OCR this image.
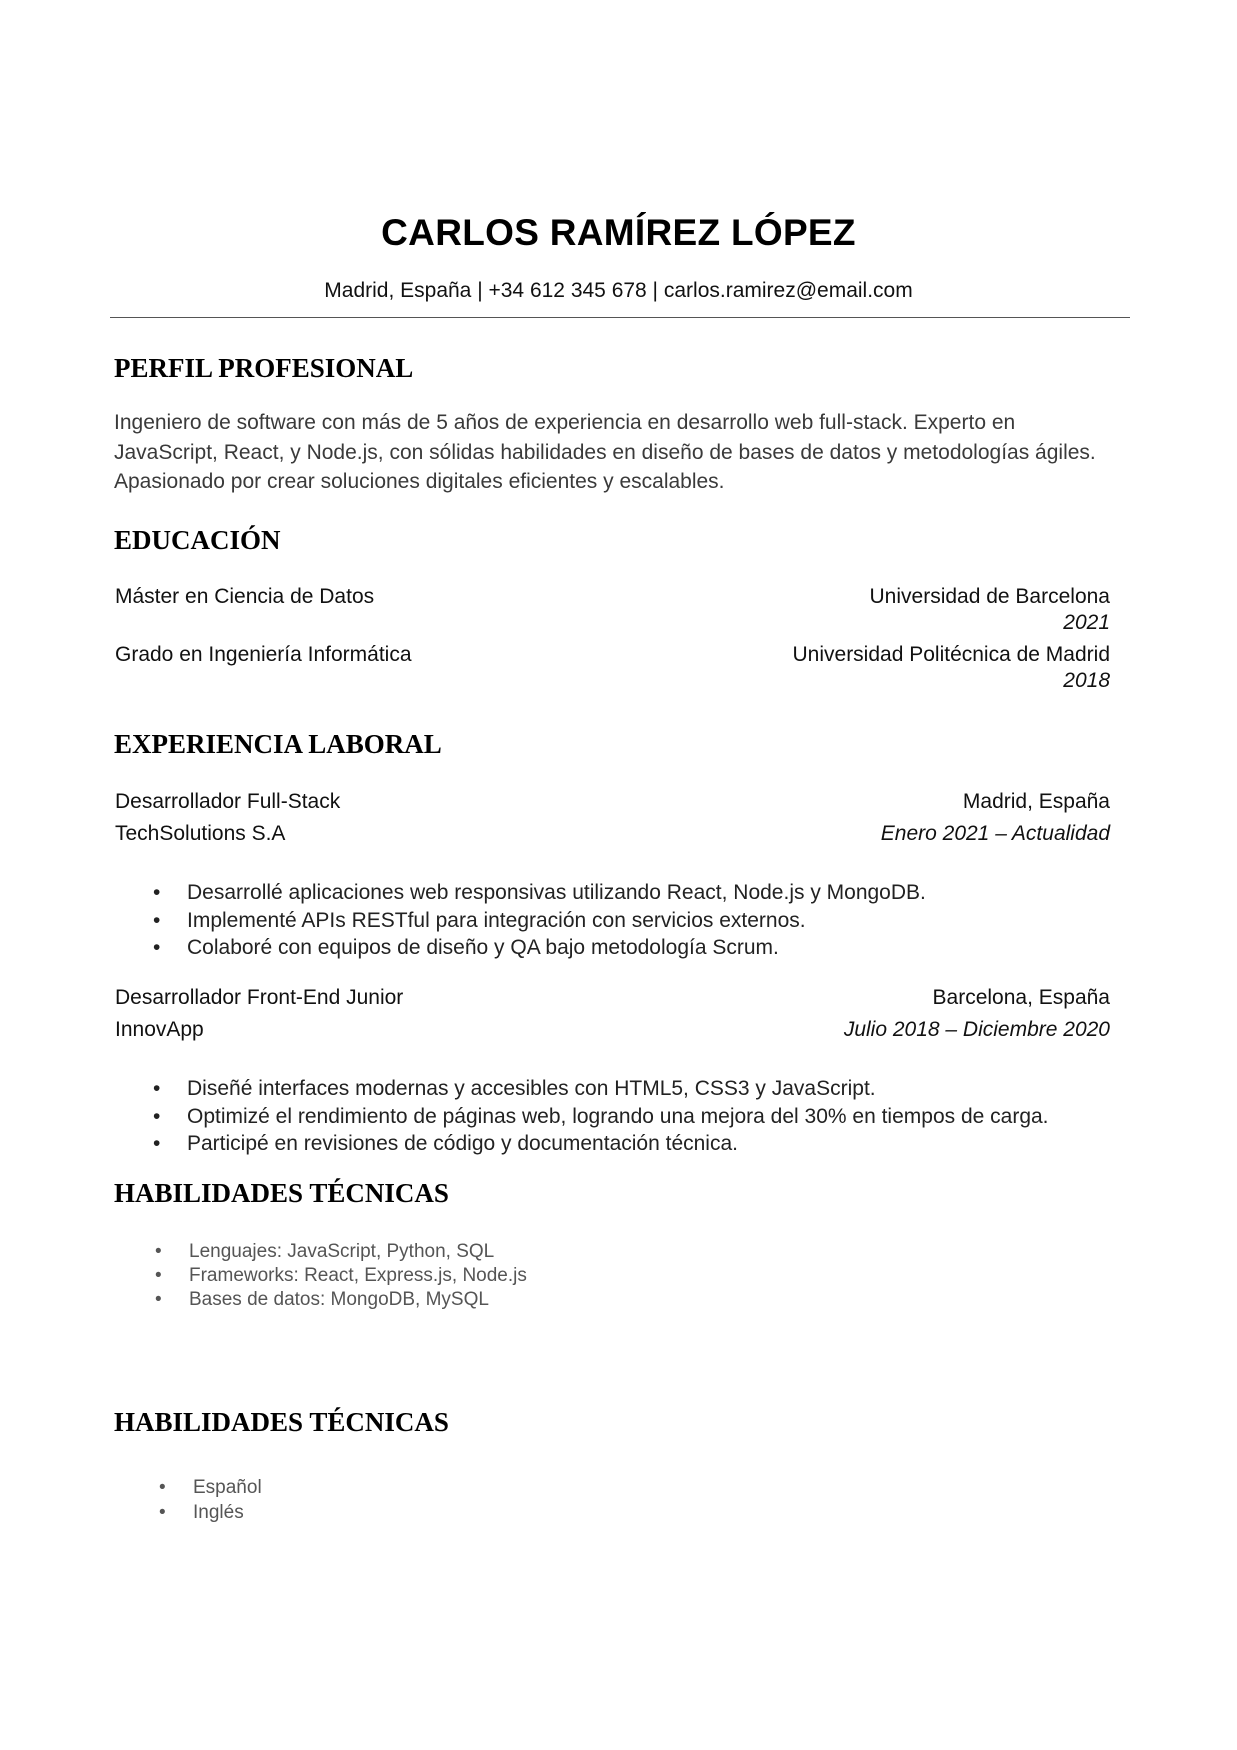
CARLOS RAMÍREZ LÓPEZ
Madrid, España | +34 612 345 678 | carlos.ramirez@email.com
PERFIL PROFESIONAL
Ingeniero de software con más de 5 años de experiencia en desarrollo web full-stack. Experto en JavaScript, React, y Node.js, con sólidas habilidades en diseño de bases de datos y metodologías ágiles. Apasionado por crear soluciones digitales eficientes y escalables.
EDUCACIÓN
Máster en Ciencia de Datos	Universidad de Barcelona
2021
Grado en Ingeniería Informática	Universidad Politécnica de Madrid
2018
EXPERIENCIA LABORAL
Desarrollador Full-Stack	Madrid, España
TechSolutions S.A	Enero 2021 – Actualidad
• Desarrollé aplicaciones web responsivas utilizando React, Node.js y MongoDB.
• Implementé APIs RESTful para integración con servicios externos.
• Colaboré con equipos de diseño y QA bajo metodología Scrum.
Desarrollador Front-End Junior	Barcelona, España
InnovApp	Julio 2018 – Diciembre 2020
• Diseñé interfaces modernas y accesibles con HTML5, CSS3 y JavaScript.
• Optimizé el rendimiento de páginas web, logrando una mejora del 30% en tiempos de carga.
• Participé en revisiones de código y documentación técnica.
HABILIDADES TÉCNICAS
• Lenguajes: JavaScript, Python, SQL
• Frameworks: React, Express.js, Node.js
• Bases de datos: MongoDB, MySQL
HABILIDADES TÉCNICAS
• Español
• Inglés
